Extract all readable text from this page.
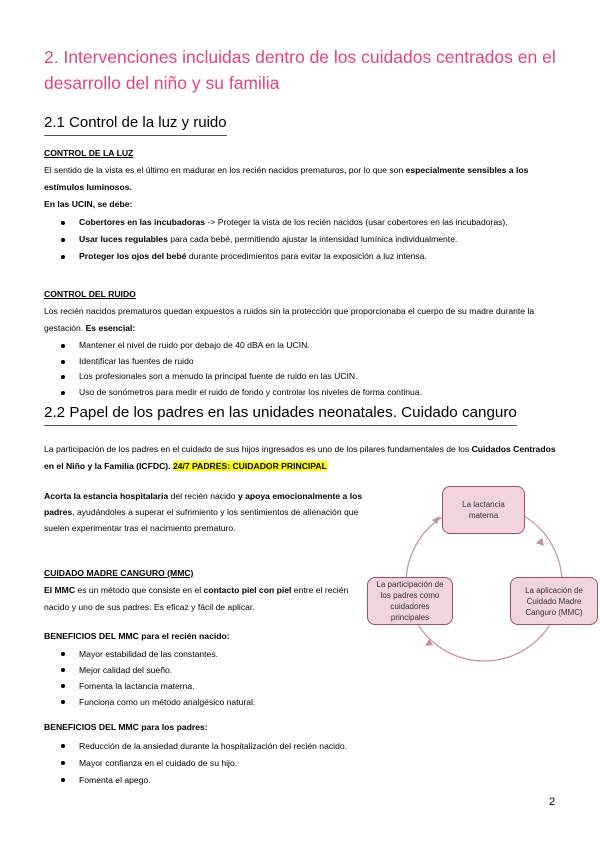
2. Intervenciones incluidas dentro de los cuidados centrados en el desarrollo del niño y su familia
2.1 Control de la luz y ruido
CONTROL DE LA LUZ
El sentido de la vista es el último en madurar en los recién nacidos prematuros, por lo que son especialmente sensibles a los estímulos luminosos.
En las UCIN, se debe:
Cobertores en las incubadoras -> Proteger la vista de los recién nacidos (usar cobertores en las incubadoras).
Usar luces regulables para cada bebé, permitiendo ajustar la intensidad lumínica individualmente.
Proteger los ojos del bebé durante procedimientos para evitar la exposición a luz intensa.
CONTROL DEL RUIDO
Los recién nacidos prematuros quedan expuestos a ruidos sin la protección que proporcionaba el cuerpo de su madre durante la gestación. Es esencial:
Mantener el nivel de ruido por debajo de 40 dBA en la UCIN.
Identificar las fuentes de ruido
Los profesionales son a menudo la principal fuente de ruido en las UCIN.
Uso de sonómetros para medir el ruido de fondo y controlar los niveles de forma continua.
2.2 Papel de los padres en las unidades neonatales. Cuidado canguro
La participación de los padres en el cuidado de sus hijos ingresados es uno de los pilares fundamentales de los Cuidados Centrados en el Niño y la Familia (ICFDC). 24/7 PADRES: CUIDADOR PRINCIPAL
Acorta la estancia hospitalaria del recién nacido y apoya emocionalmente a los padres, ayudándoles a superar el sufrimiento y los sentimientos de alienación que suelen experimentar tras el nacimiento prematuro.
CUIDADO MADRE CANGURO (MMC)
El MMC es un método que consiste en el contacto piel con piel entre el recién nacido y uno de sus padres. Es eficaz y fácil de aplicar.
BENEFICIOS DEL MMC para el recién nacido:
Mayor estabilidad de las constantes.
Mejor calidad del sueño.
Fomenta la lactancia materna.
Funciona como un método analgésico natural.
BENEFICIOS DEL MMC para los padres:
Reducción de la ansiedad durante la hospitalización del recién nacido.
Mayor confianza en el cuidado de su hijo.
Fomenta el apego.
La lactancia materna
La aplicación de Cuidado Madre Canguro (MMC)
La participación de los padres como cuidadores principales
2
